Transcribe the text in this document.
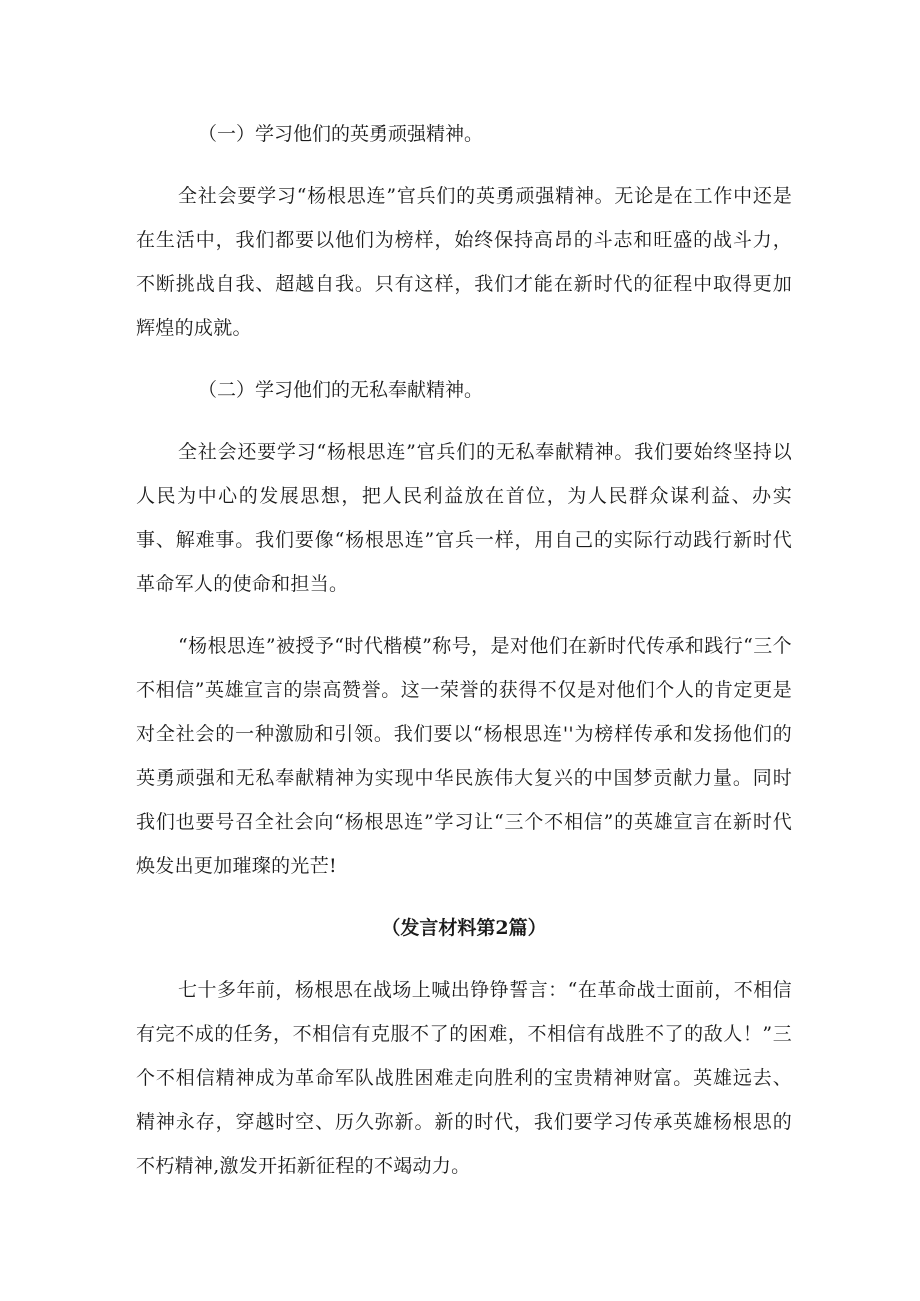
（一）学习他们的英勇顽强精神。

全社会要学习“杨根思连”官兵们的英勇顽强精神。无论是在工作中还是在生活中，我们都要以他们为榜样，始终保持高昂的斗志和旺盛的战斗力，不断挑战自我、超越自我。只有这样，我们才能在新时代的征程中取得更加辉煌的成就。

（二）学习他们的无私奉献精神。

全社会还要学习“杨根思连”官兵们的无私奉献精神。我们要始终坚持以人民为中心的发展思想，把人民利益放在首位，为人民群众谋利益、办实事、解难事。我们要像“杨根思连”官兵一样，用自己的实际行动践行新时代革命军人的使命和担当。

“杨根思连”被授予“时代楷模”称号，是对他们在新时代传承和践行“三个不相信”英雄宣言的崇高赞誉。这一荣誉的获得不仅是对他们个人的肯定更是对全社会的一种激励和引领。我们要以“杨根思连''为榜样传承和发扬他们的英勇顽强和无私奉献精神为实现中华民族伟大复兴的中国梦贡献力量。同时我们也要号召全社会向“杨根思连”学习让“三个不相信”的英雄宣言在新时代焕发出更加璀璨的光芒!

（发言材料第2篇）

七十多年前，杨根思在战场上喊出铮铮誓言：“在革命战士面前，不相信有完不成的任务，不相信有克服不了的困难，不相信有战胜不了的敌人！”三个不相信精神成为革命军队战胜困难走向胜利的宝贵精神财富。英雄远去、精神永存，穿越时空、历久弥新。新的时代，我们要学习传承英雄杨根思的不朽精神,激发开拓新征程的不竭动力。
